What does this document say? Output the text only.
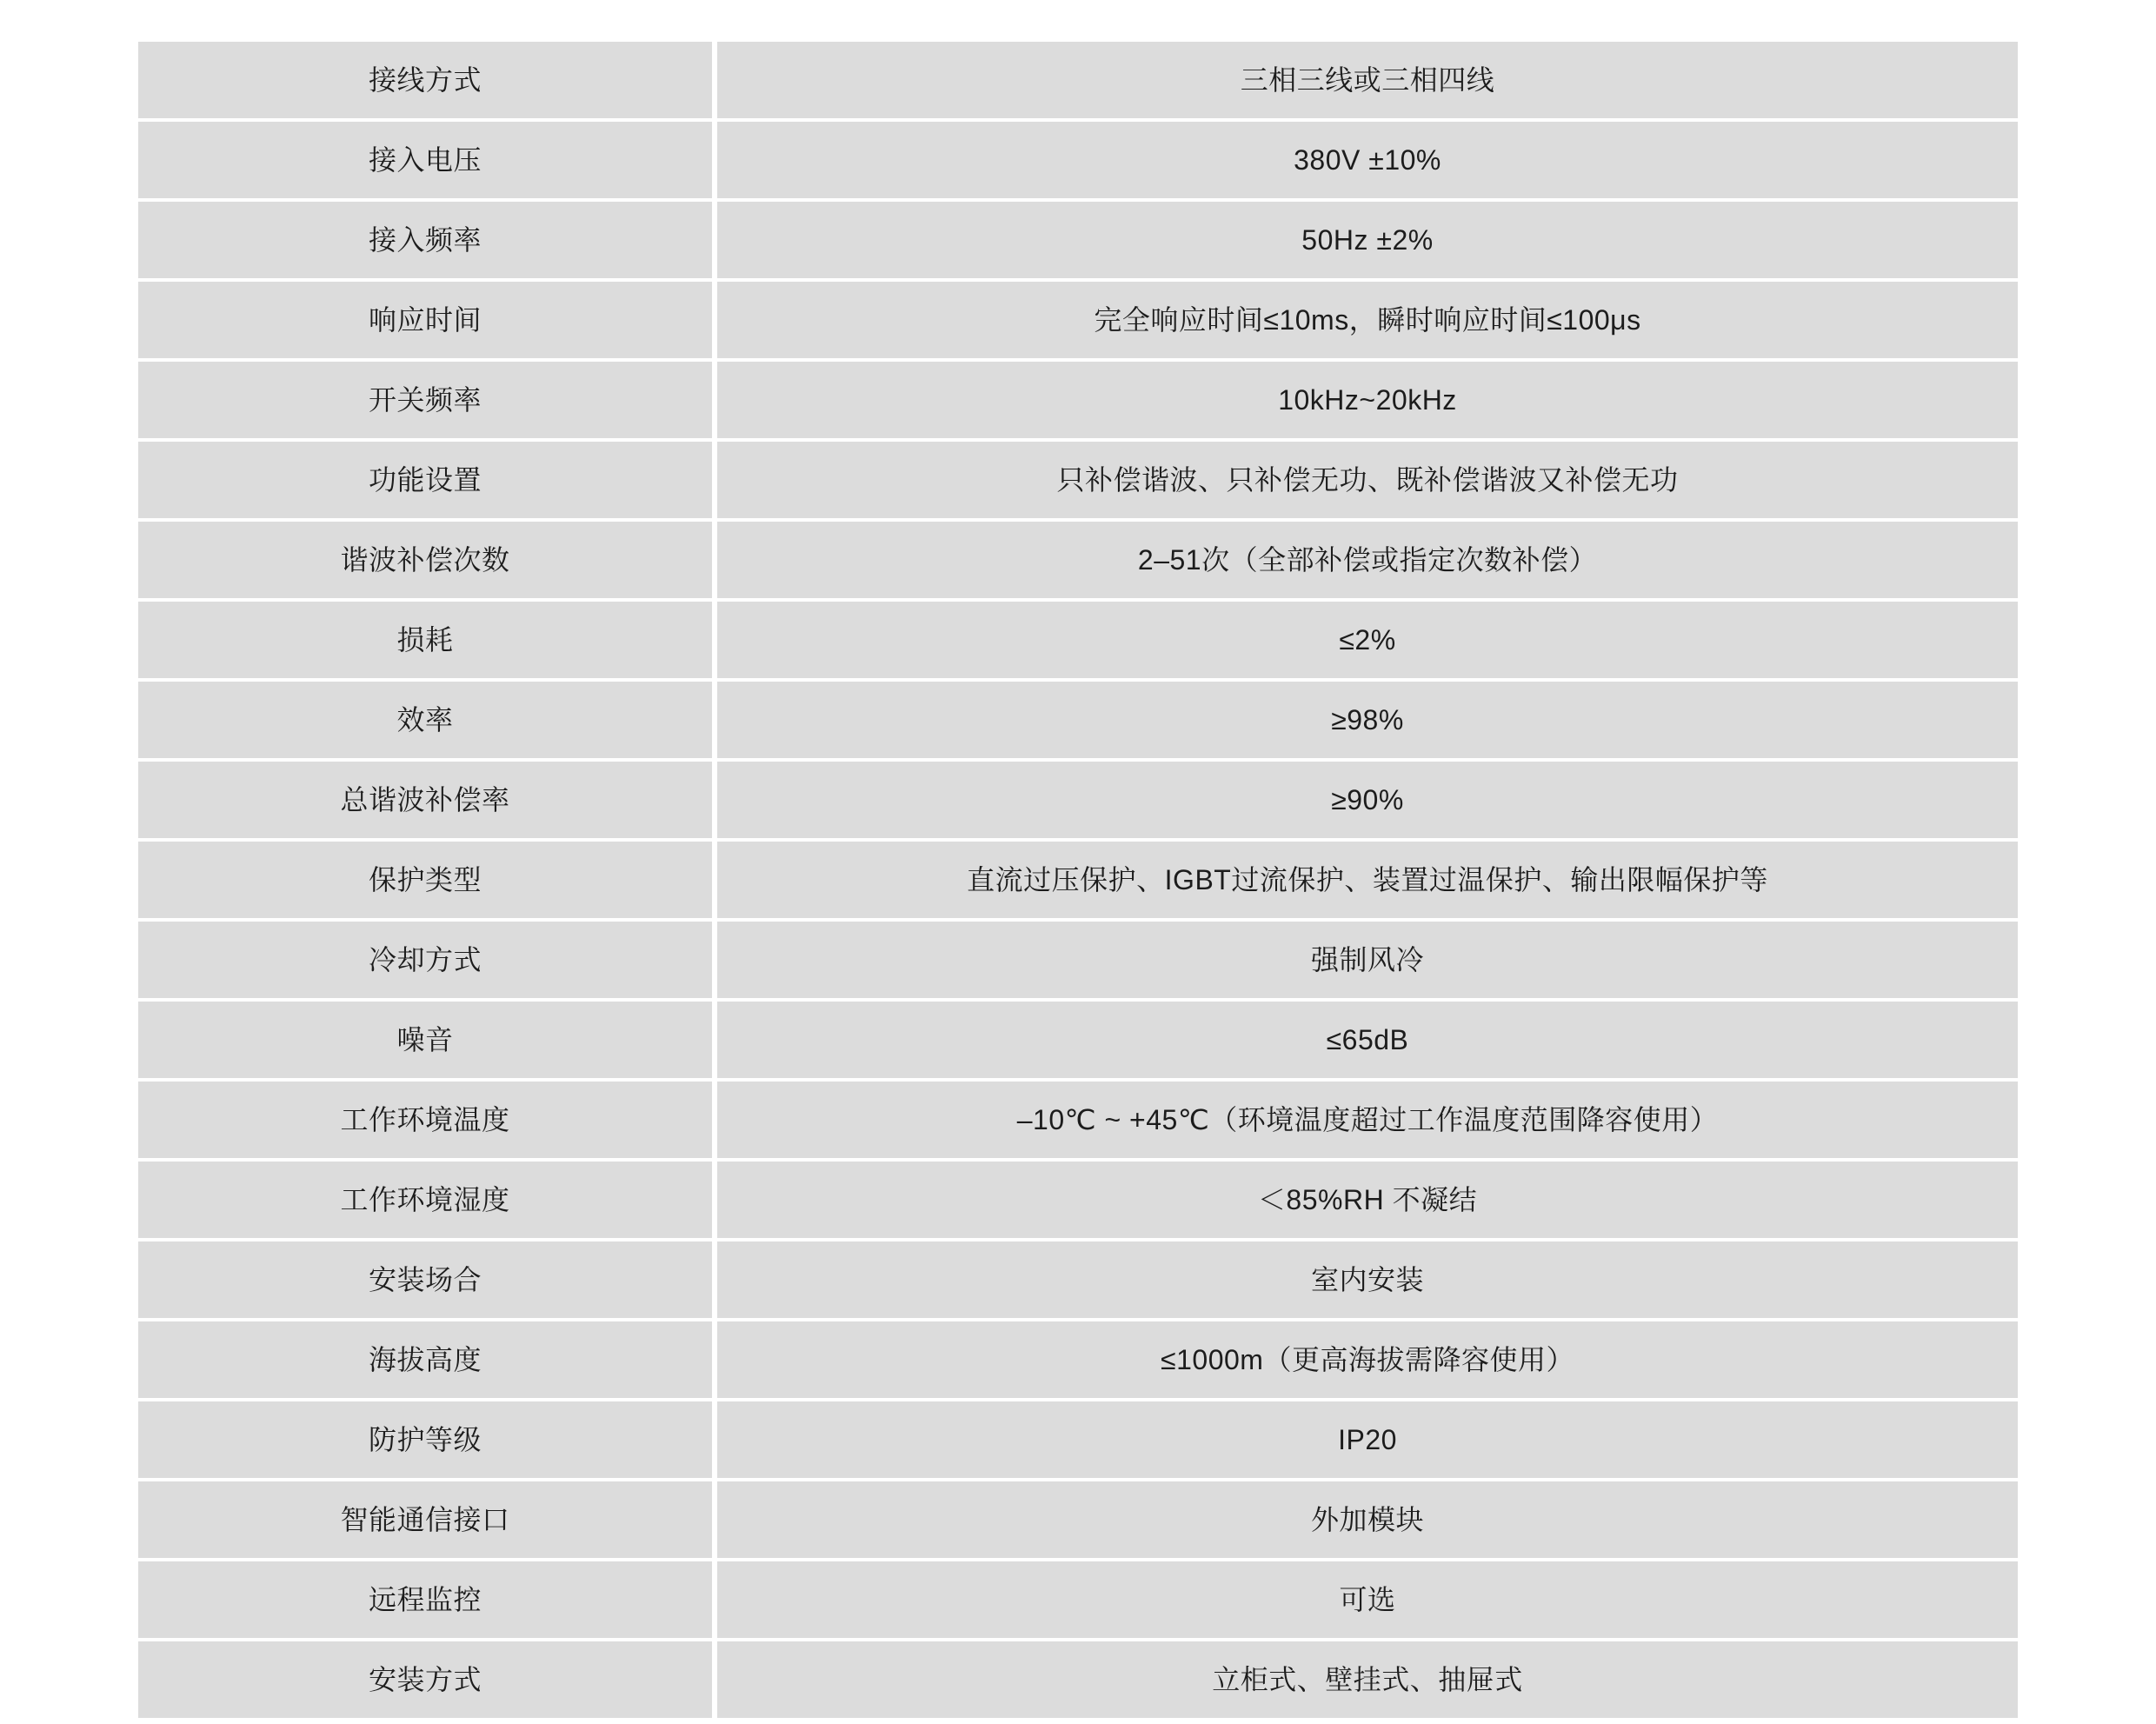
接线方式		三相三线或三相四线
接入电压		380V ±10%
接入频率		50Hz ±2%
响应时间		完全响应时间≤10ms，瞬时响应时间≤100μs
开关频率		10kHz~20kHz
功能设置		只补偿谐波、只补偿无功、既补偿谐波又补偿无功
谐波补偿次数		2–51次（全部补偿或指定次数补偿）
损耗		≤2%
效率		≥98%
总谐波补偿率		≥90%
保护类型		直流过压保护、IGBT过流保护、装置过温保护、输出限幅保护等
冷却方式		强制风冷
噪音		≤65dB
工作环境温度		–10℃ ~ +45℃（环境温度超过工作温度范围降容使用）
工作环境湿度		＜85%RH 不凝结
安装场合		室内安装
海拔高度		≤1000m（更高海拔需降容使用）
防护等级		IP20
智能通信接口		外加模块
远程监控		可选
安装方式		立柜式、壁挂式、抽屉式
